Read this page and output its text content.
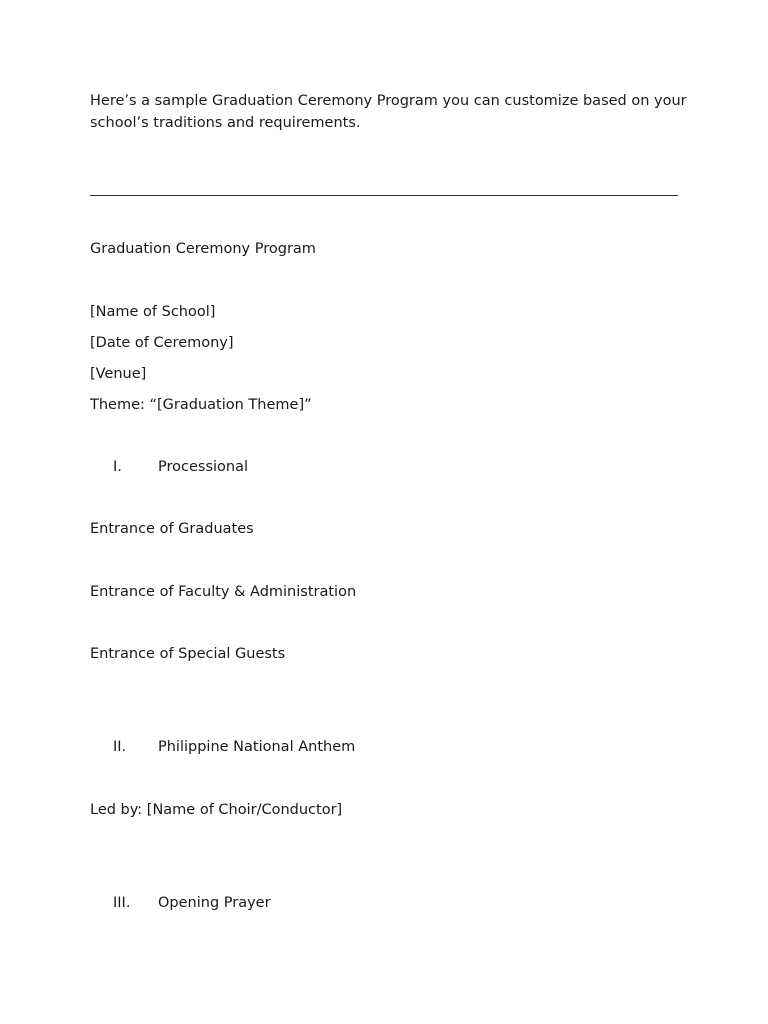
Here’s a sample Graduation Ceremony Program you can customize based on your school’s traditions and requirements.
Graduation Ceremony Program
[Name of School]
[Date of Ceremony]
[Venue]
Theme: “[Graduation Theme]”
I. Processional
Entrance of Graduates
Entrance of Faculty & Administration
Entrance of Special Guests
II. Philippine National Anthem
Led by: [Name of Choir/Conductor]
III. Opening Prayer
